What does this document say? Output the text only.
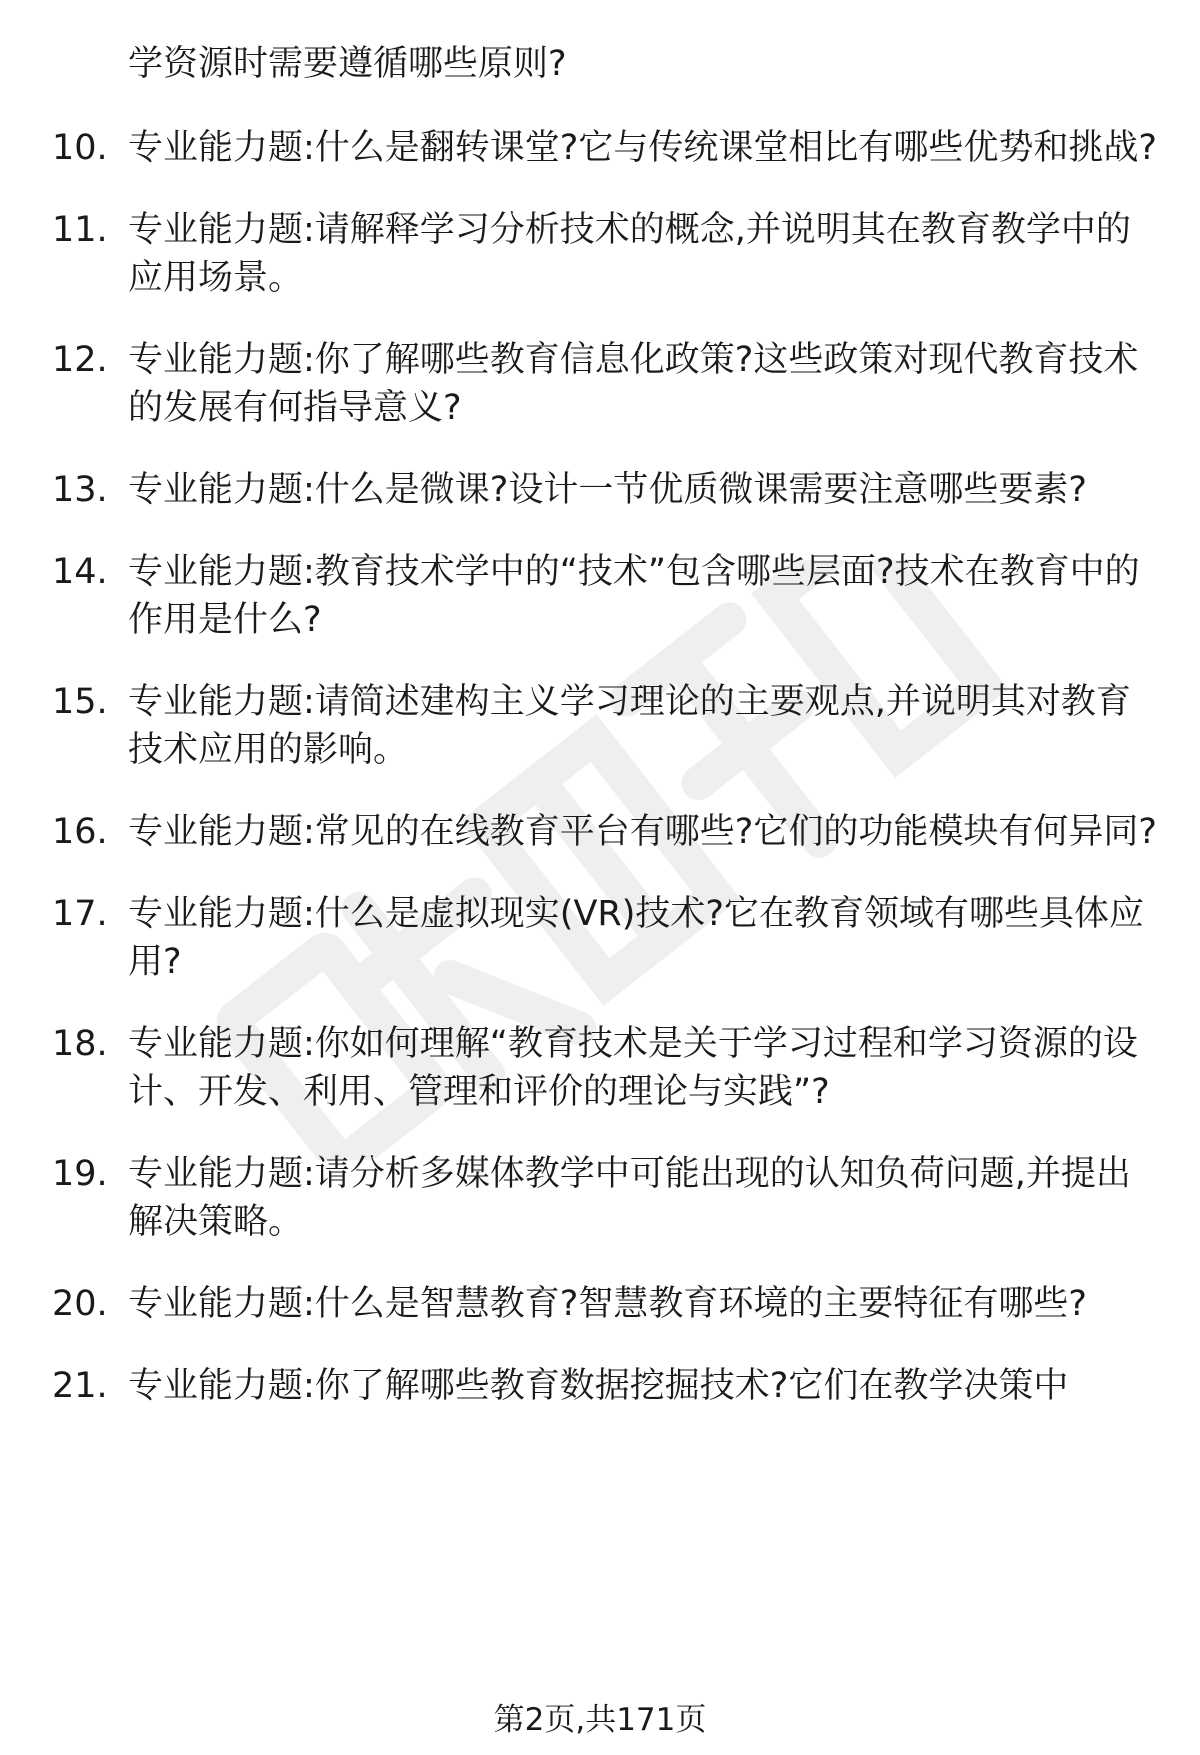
学资源时需要遵循哪些原则?
10. 专业能力题:什么是翻转课堂?它与传统课堂相比有哪些优势和挑战?
11. 专业能力题:请解释学习分析技术的概念,并说明其在教育教学中的应用场景。
12. 专业能力题:你了解哪些教育信息化政策?这些政策对现代教育技术的发展有何指导意义?
13. 专业能力题:什么是微课?设计一节优质微课需要注意哪些要素?
14. 专业能力题:教育技术学中的“技术”包含哪些层面?技术在教育中的作用是什么?
15. 专业能力题:请简述建构主义学习理论的主要观点,并说明其对教育技术应用的影响。
16. 专业能力题:常见的在线教育平台有哪些?它们的功能模块有何异同?
17. 专业能力题:什么是虚拟现实(VR)技术?它在教育领域有哪些具体应用?
18. 专业能力题:你如何理解“教育技术是关于学习过程和学习资源的设计、开发、利用、管理和评价的理论与实践”?
19. 专业能力题:请分析多媒体教学中可能出现的认知负荷问题,并提出解决策略。
20. 专业能力题:什么是智慧教育?智慧教育环境的主要特征有哪些?
21. 专业能力题:你了解哪些教育数据挖掘技术?它们在教学决策中
第2页,共171页
